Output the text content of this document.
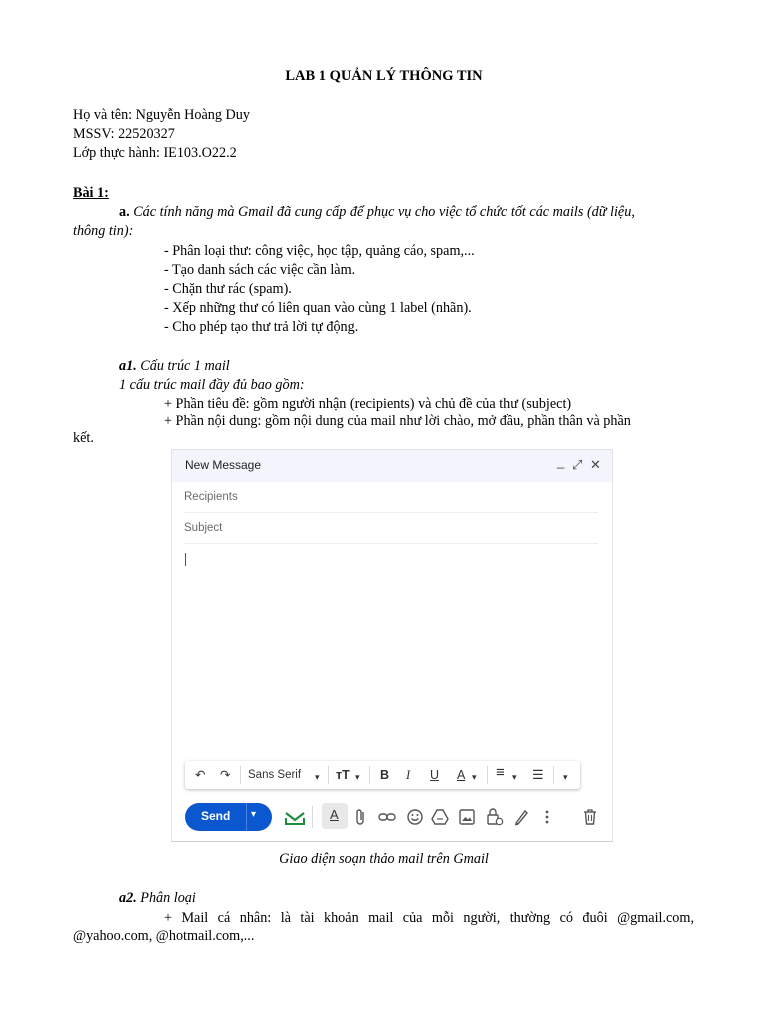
LAB 1 QUẢN LÝ THÔNG TIN
Họ và tên: Nguyễn Hoàng Duy
MSSV: 22520327
Lớp thực hành: IE103.O22.2
Bài 1:
a. Các tính năng mà Gmail đã cung cấp để phục vụ cho việc tổ chức tốt các mails (dữ liệu,
thông tin):
- Phân loại thư: công việc, học tập, quảng cáo, spam,...
- Tạo danh sách các việc cần làm.
- Chặn thư rác (spam).
- Xếp những thư có liên quan vào cùng 1 label (nhãn).
- Cho phép tạo thư trả lời tự động.
a1. Cấu trúc 1 mail
1 cấu trúc mail đầy đủ bao gồm:
+ Phần tiêu đề: gồm người nhận (recipients) và chủ đề của thư (subject)
+ Phần nội dung: gồm nội dung của mail như lời chào, mở đầu, phần thân và phần
kết.
New Message	_ ⤢ ✕
Recipients
Subject
↶ ↷ Sans Serif ▾ тT ▾ B I U A ▾ ≡ ▾ ☰ ▾
Send ▾	A
Giao diện soạn thảo mail trên Gmail
a2. Phân loại
+ Mail cá nhân: là tài khoản mail của mỗi người, thường có đuôi @gmail.com,
@yahoo.com, @hotmail.com,...
